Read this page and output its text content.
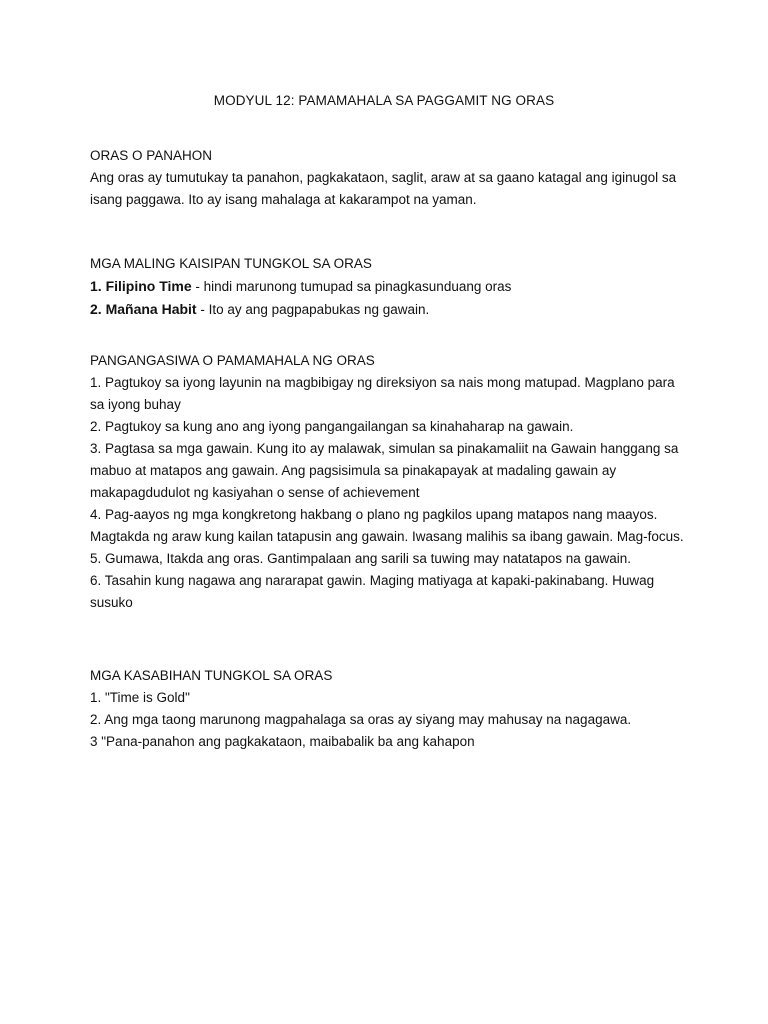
MODYUL 12: PAMAMAHALA SA PAGGAMIT NG ORAS

ORAS O PANAHON

Ang oras ay tumutukay ta panahon, pagkakataon, saglit, araw at sa gaano katagal ang iginugol sa isang paggawa. Ito ay isang mahalaga at kakarampot na yaman.

MGA MALING KAISIPAN TUNGKOL SA ORAS

1. Filipino Time - hindi marunong tumupad sa pinagkasunduang oras

2. Mañana Habit - Ito ay ang pagpapabukas ng gawain.

PANGANGASIWA O PAMAMAHALA NG ORAS

1. Pagtukoy sa iyong layunin na magbibigay ng direksiyon sa nais mong matupad. Magplano para sa iyong buhay

2. Pagtukoy sa kung ano ang iyong pangangailangan sa kinahaharap na gawain.

3. Pagtasa sa mga gawain. Kung ito ay malawak, simulan sa pinakamaliit na Gawain hanggang sa mabuo at matapos ang gawain. Ang pagsisimula sa pinakapayak at madaling gawain ay makapagdudulot ng kasiyahan o sense of achievement

4. Pag-aayos ng mga kongkretong hakbang o plano ng pagkilos upang matapos nang maayos. Magtakda ng araw kung kailan tatapusin ang gawain. Iwasang malihis sa ibang gawain. Mag-focus.

5. Gumawa, Itakda ang oras. Gantimpalaan ang sarili sa tuwing may natatapos na gawain.

6. Tasahin kung nagawa ang nararapat gawin. Maging matiyaga at kapaki-pakinabang. Huwag susuko

MGA KASABIHAN TUNGKOL SA ORAS

1. "Time is Gold"

2. Ang mga taong marunong magpahalaga sa oras ay siyang may mahusay na nagagawa.

3 "Pana-panahon ang pagkakataon, maibabalik ba ang kahapon
